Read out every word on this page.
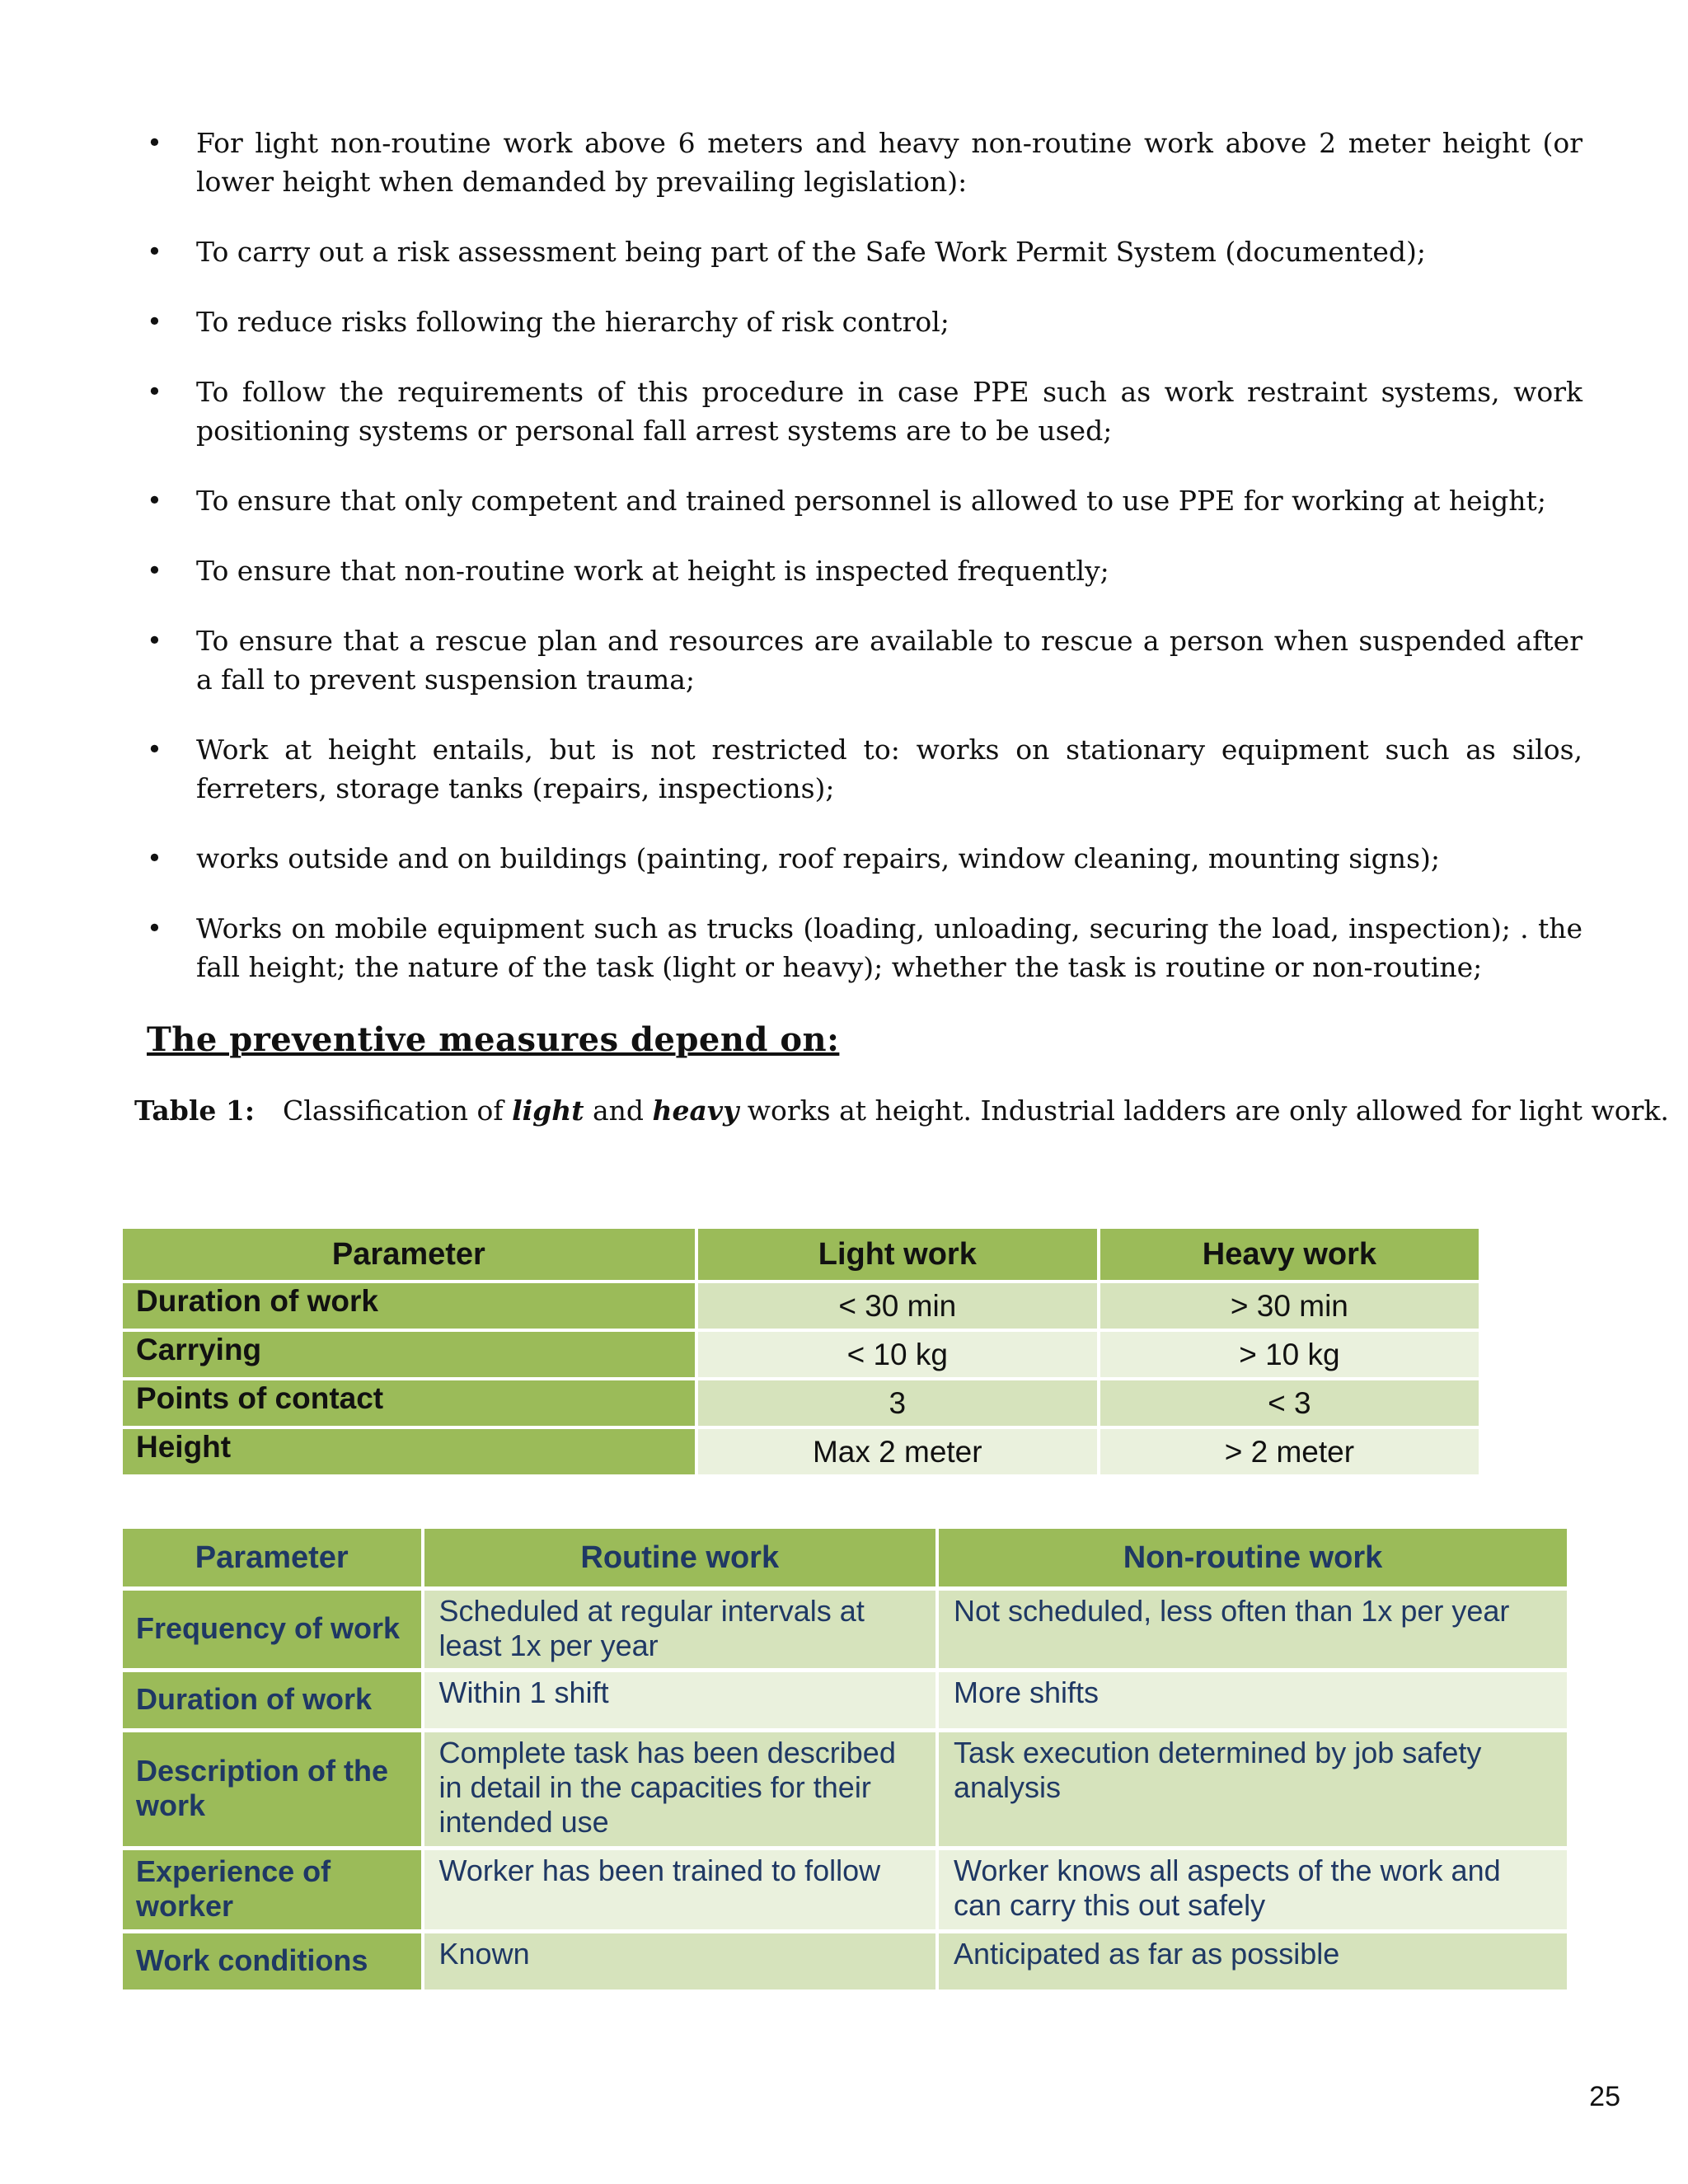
• For light non-routine work above 6 meters and heavy non-routine work above 2 meter height (or lower height when demanded by prevailing legislation):
• To carry out a risk assessment being part of the Safe Work Permit System (documented);
• To reduce risks following the hierarchy of risk control;
• To follow the requirements of this procedure in case PPE such as work restraint systems, work positioning systems or personal fall arrest systems are to be used;
• To ensure that only competent and trained personnel is allowed to use PPE for working at height;
• To ensure that non-routine work at height is inspected frequently;
• To ensure that a rescue plan and resources are available to rescue a person when suspended after a fall to prevent suspension trauma;
• Work at height entails, but is not restricted to: works on stationary equipment such as silos, ferreters, storage tanks (repairs, inspections);
• works outside and on buildings (painting, roof repairs, window cleaning, mounting signs);
• Works on mobile equipment such as trucks (loading, unloading, securing the load, inspection); . the fall height; the nature of the task (light or heavy); whether the task is routine or non-routine;
The preventive measures depend on:
Table 1: Classification of light and heavy works at height. Industrial ladders are only allowed for light work.
Parameter	Light work	Heavy work
Duration of work	< 30 min	> 30 min
Carrying	< 10 kg	> 10 kg
Points of contact	3	< 3
Height	Max 2 meter	> 2 meter
Parameter	Routine work	Non-routine work
Frequency of work	Scheduled at regular intervals at least 1x per year	Not scheduled, less often than 1x per year
Duration of work	Within 1 shift	More shifts
Description of the work	Complete task has been described in detail in the capacities for their intended use	Task execution determined by job safety analysis
Experience of worker	Worker has been trained to follow	Worker knows all aspects of the work and can carry this out safely
Work conditions	Known	Anticipated as far as possible
25
